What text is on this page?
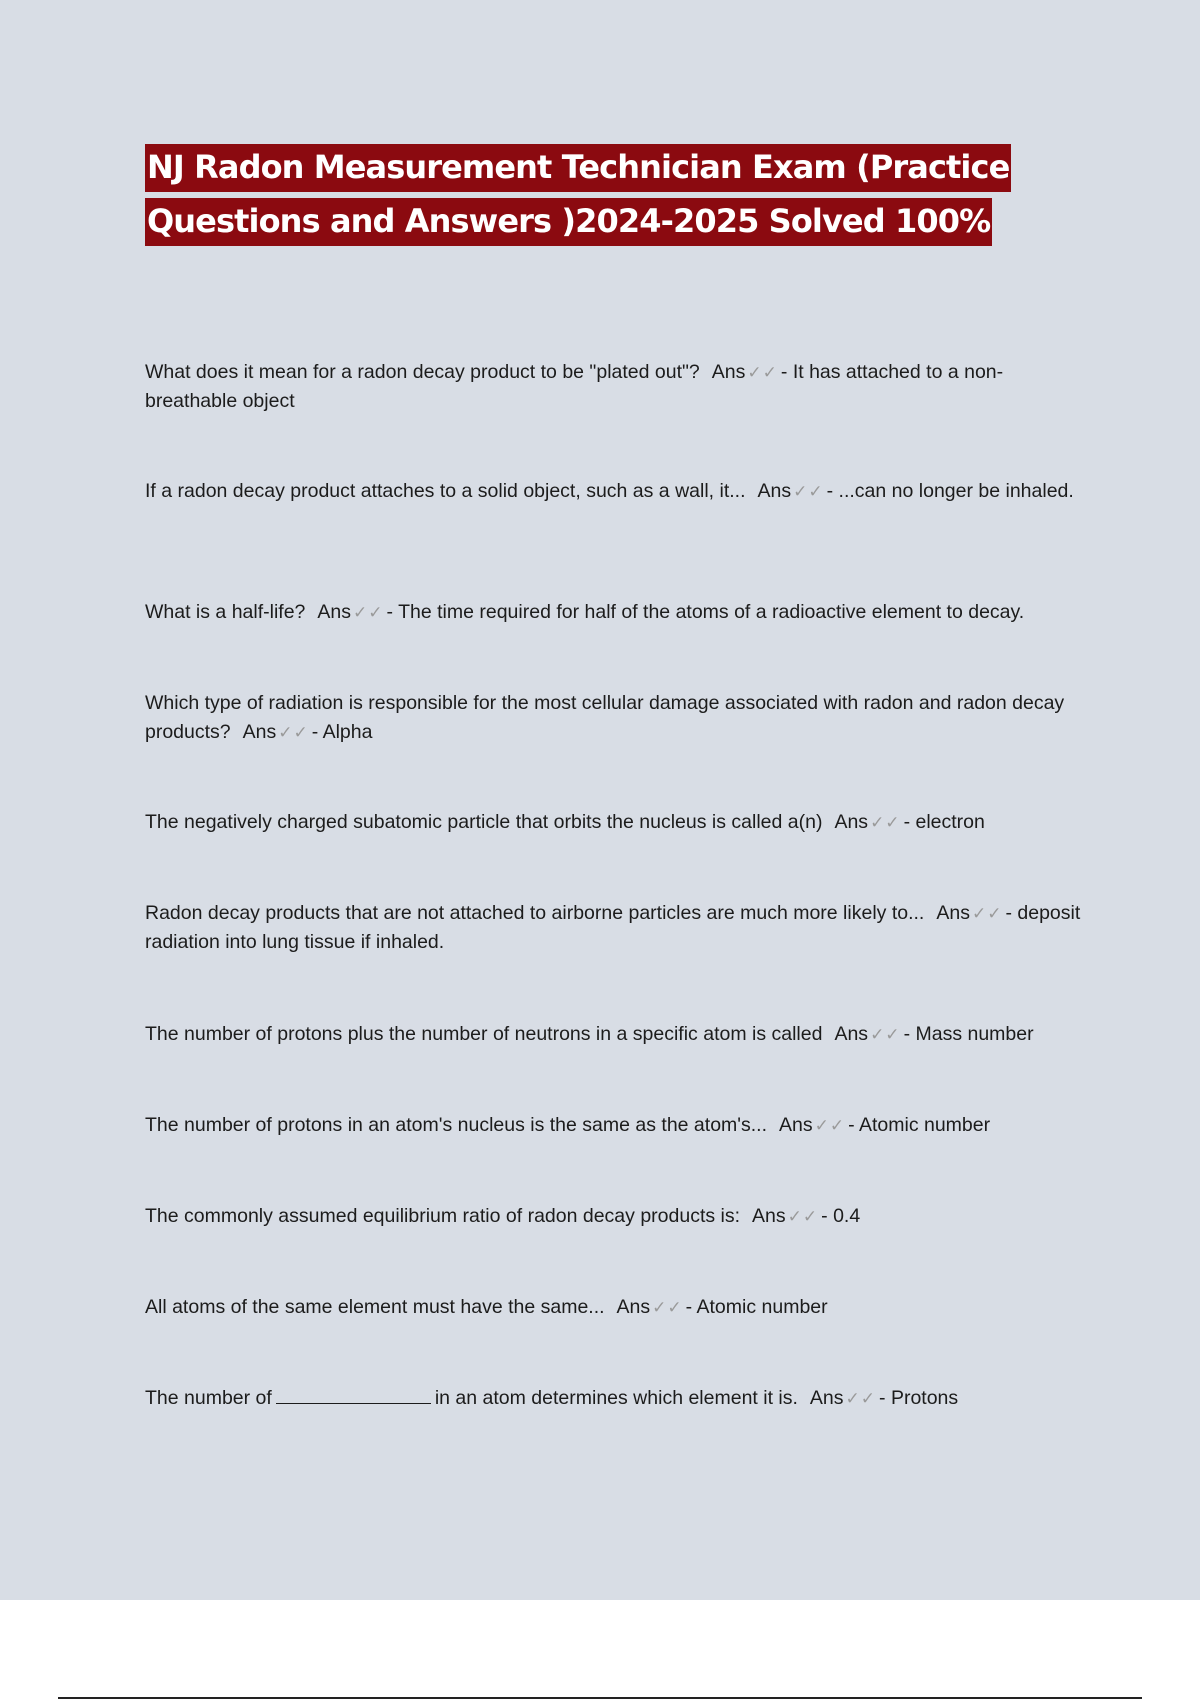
NJ Radon Measurement Technician Exam (Practice
Questions and Answers )2024-2025 Solved 100%
What does it mean for a radon decay product to be "plated out"? Ans ✓✓ - It has attached to a non-breathable object
If a radon decay product attaches to a solid object, such as a wall, it... Ans ✓✓ - ...can no longer be inhaled.
What is a half-life? Ans ✓✓ - The time required for half of the atoms of a radioactive element to decay.
Which type of radiation is responsible for the most cellular damage associated with radon and radon decay products? Ans ✓✓ - Alpha
The negatively charged subatomic particle that orbits the nucleus is called a(n) Ans ✓✓ - electron
Radon decay products that are not attached to airborne particles are much more likely to... Ans ✓✓ - deposit radiation into lung tissue if inhaled.
The number of protons plus the number of neutrons in a specific atom is called Ans ✓✓ - Mass number
The number of protons in an atom's nucleus is the same as the atom's... Ans ✓✓ - Atomic number
The commonly assumed equilibrium ratio of radon decay products is: Ans ✓✓ - 0.4
All atoms of the same element must have the same... Ans ✓✓ - Atomic number
The number of	in an atom determines which element it is. Ans ✓✓ - Protons
